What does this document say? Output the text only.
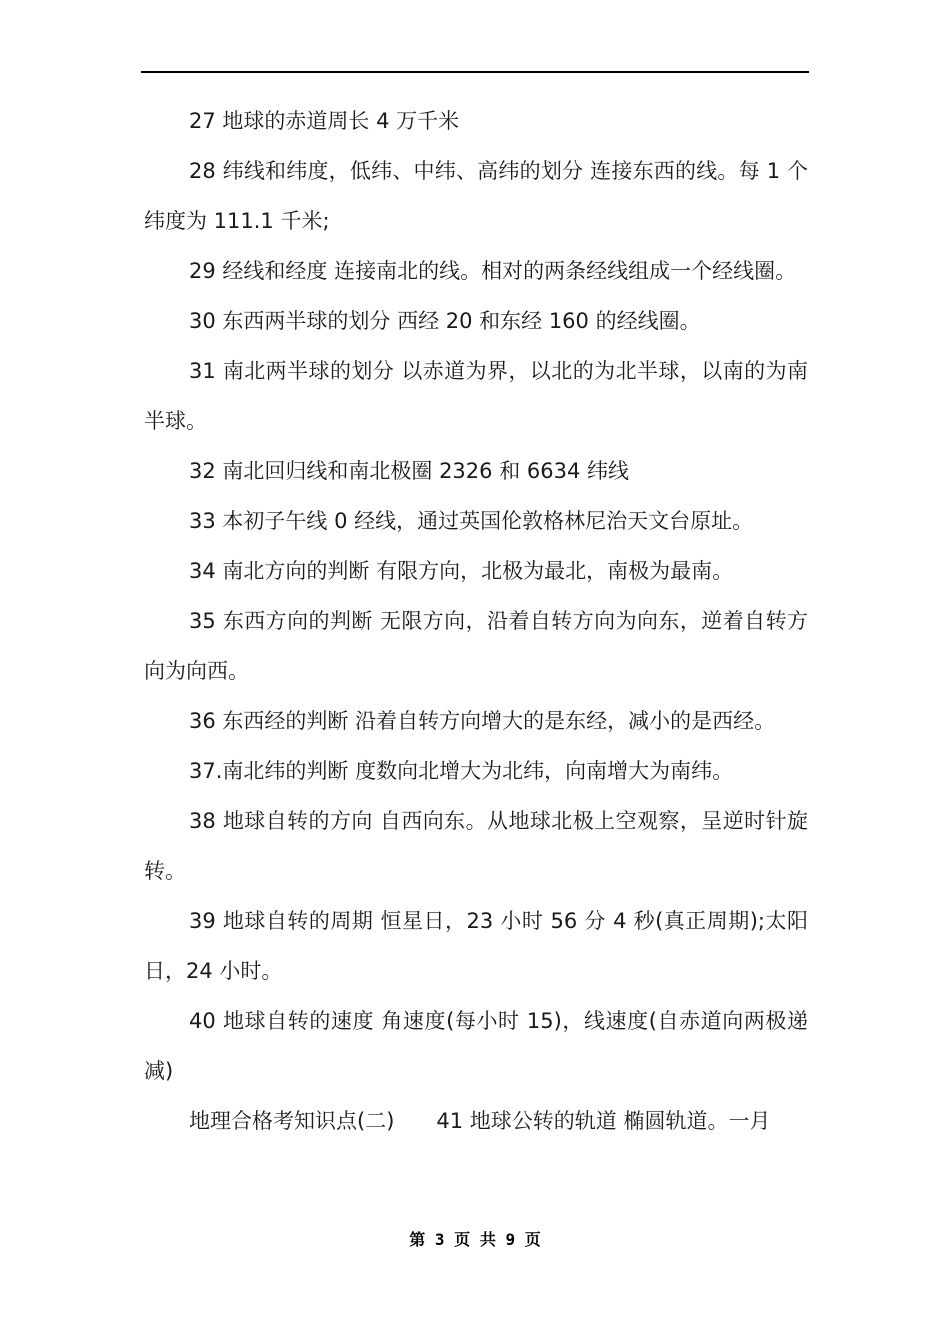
27 地球的赤道周长 4 万千米

28 纬线和纬度，低纬、中纬、高纬的划分 连接东西的线。每 1 个纬度为 111.1 千米;

29 经线和经度 连接南北的线。相对的两条经线组成一个经线圈。

30 东西两半球的划分 西经 20 和东经 160 的经线圈。

31 南北两半球的划分 以赤道为界，以北的为北半球，以南的为南半球。

32 南北回归线和南北极圈 2326 和 6634 纬线

33 本初子午线 0 经线，通过英国伦敦格林尼治天文台原址。

34 南北方向的判断 有限方向，北极为最北，南极为最南。

35 东西方向的判断 无限方向，沿着自转方向为向东，逆着自转方向为向西。

36 东西经的判断 沿着自转方向增大的是东经，减小的是西经。

37.南北纬的判断 度数向北增大为北纬，向南增大为南纬。

38 地球自转的方向 自西向东。从地球北极上空观察，呈逆时针旋转。

39 地球自转的周期 恒星日，23 小时 56 分 4 秒(真正周期);太阳日，24 小时。

40 地球自转的速度 角速度(每小时 15)，线速度(自赤道向两极递减)

地理合格考知识点(二)　　41 地球公转的轨道 椭圆轨道。一月

第 3 页 共 9 页
